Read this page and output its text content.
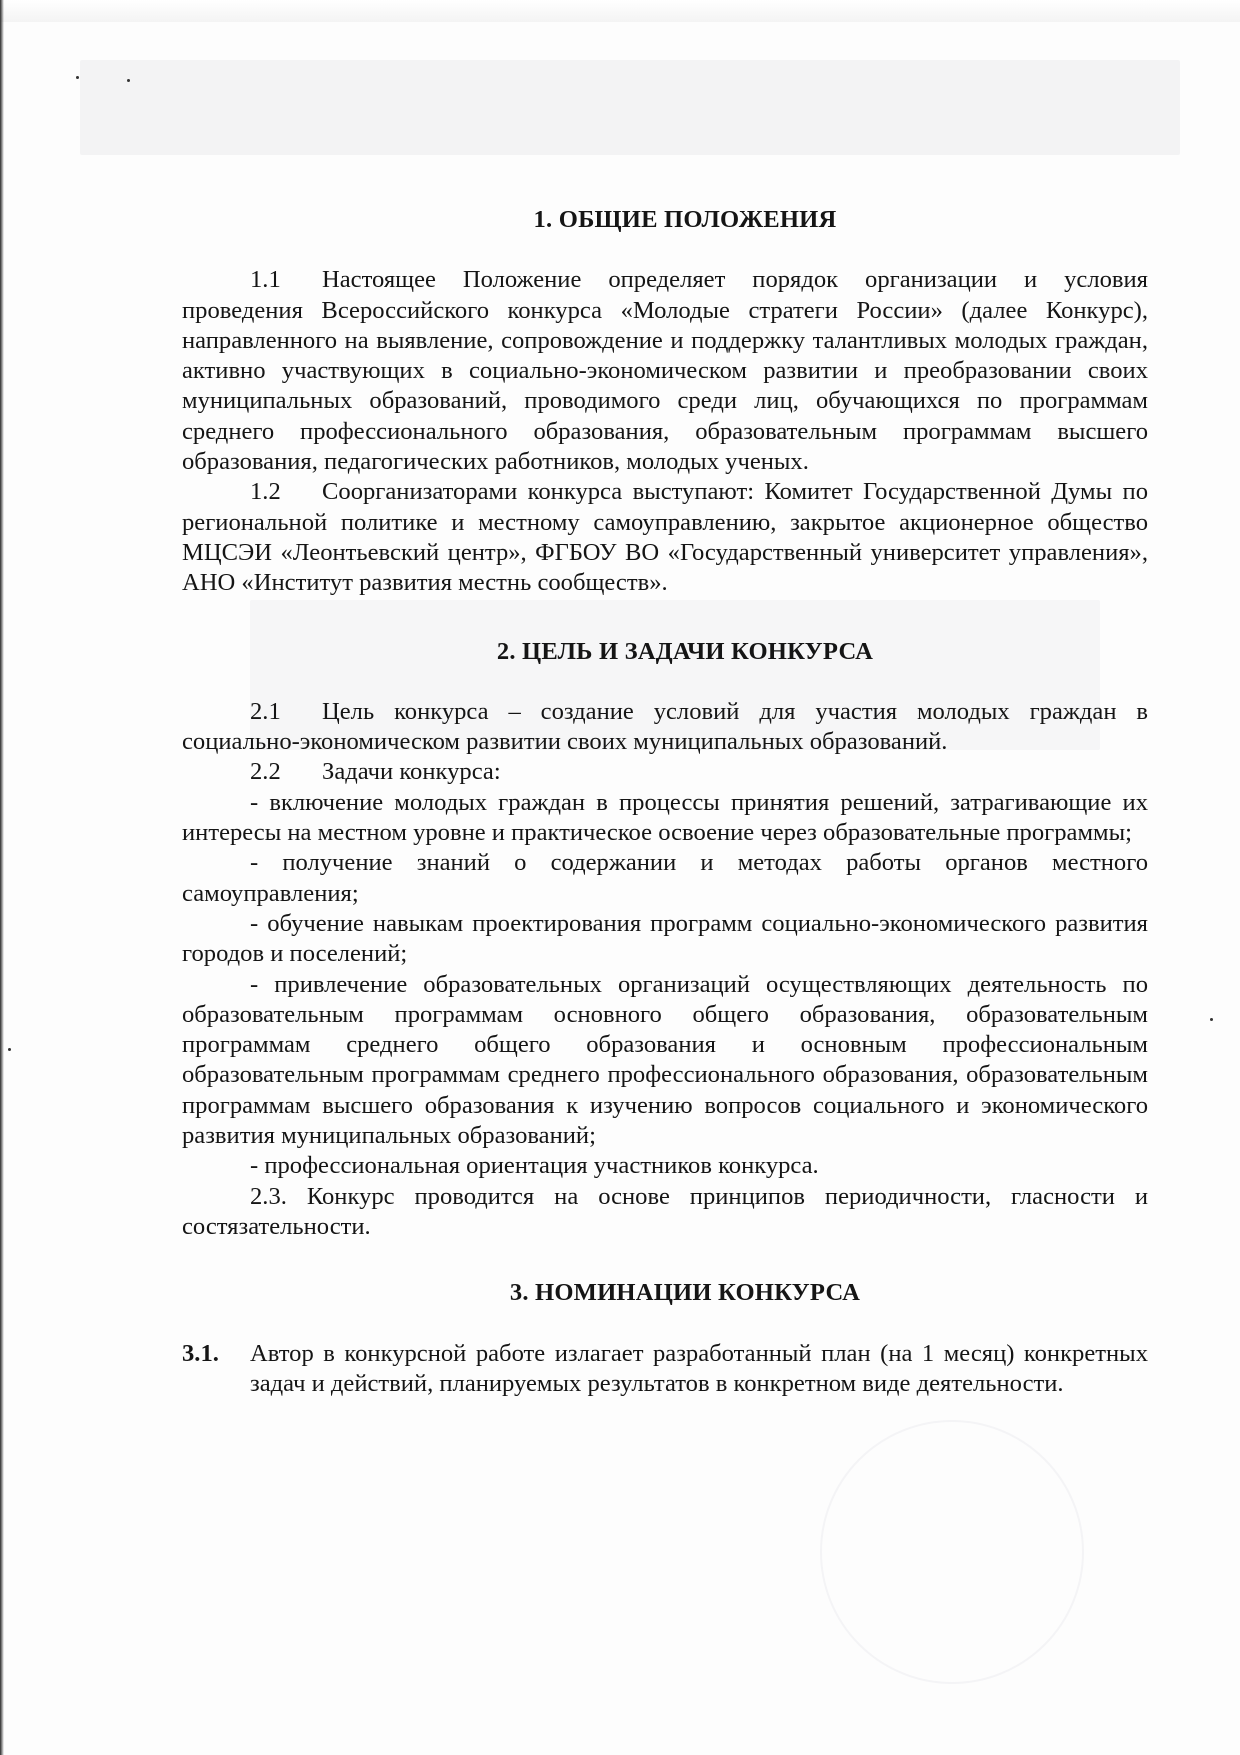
1. ОБЩИЕ ПОЛОЖЕНИЯ

1.1 Настоящее Положение определяет порядок организации и условия проведения Всероссийского конкурса «Молодые стратеги России» (далее Конкурс), направленного на выявление, сопровождение и поддержку талантливых молодых граждан, активно участвующих в социально-экономическом развитии и преобразовании своих муниципальных образований, проводимого среди лиц, обучающихся по программам среднего профессионального образования, образовательным программам высшего образования, педагогических работников, молодых ученых.

1.2 Соорганизаторами конкурса выступают: Комитет Государственной Думы по региональной политике и местному самоуправлению, закрытое акционерное общество МЦСЭИ «Леонтьевский центр», ФГБОУ ВО «Государственный университет управления», АНО «Институт развития местнь сообществ».

2. ЦЕЛЬ И ЗАДАЧИ КОНКУРСА

2.1 Цель конкурса – создание условий для участия молодых граждан в социально-экономическом развитии своих муниципальных образований.

2.2 Задачи конкурса:

- включение молодых граждан в процессы принятия решений, затрагивающие их интересы на местном уровне и практическое освоение через образовательные программы;

- получение знаний о содержании и методах работы органов местного самоуправления;

- обучение навыкам проектирования программ социально-экономического развития городов и поселений;

- привлечение образовательных организаций осуществляющих деятельность по образовательным программам основного общего образования, образовательным программам среднего общего образования и основным профессиональным образовательным программам среднего профессионального образования, образовательным программам высшего образования к изучению вопросов социального и экономического развития муниципальных образований;

- профессиональная ориентация участников конкурса.

2.3. Конкурс проводится на основе принципов периодичности, гласности и состязательности.

3. НОМИНАЦИИ КОНКУРСА

3.1.	Автор в конкурсной работе излагает разработанный план (на 1 месяц) конкретных задач и действий, планируемых результатов в конкретном виде деятельности.
